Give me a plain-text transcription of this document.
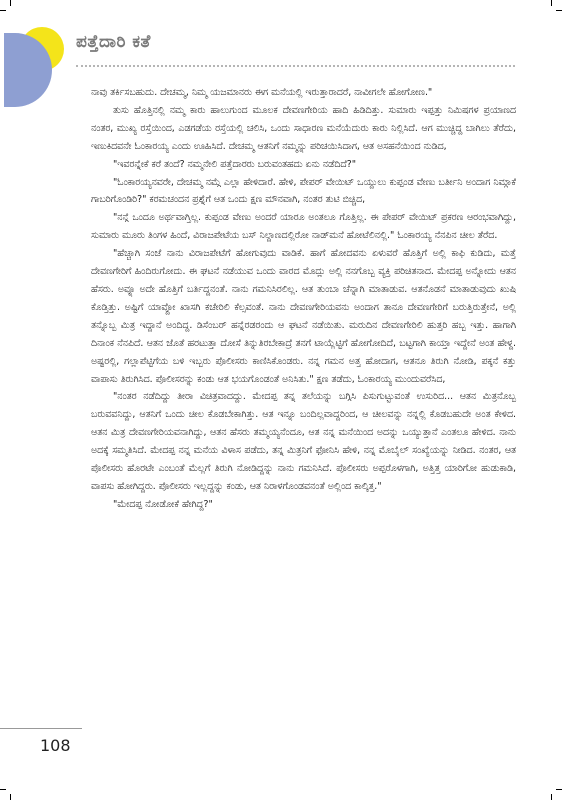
ಪತ್ತೆದಾರಿ ಕತೆ

ನಾವು ತರ್ಕಿಸಬಹುದು. ದೇಚಮ್ಮ, ನಿಮ್ಮ ಯಜಮಾನರು ಈಗ ಮನೆಯಲ್ಲಿ ಇರುತ್ತಾರಾದರೆ, ನಾವೀಗಲೇ ಹೋಗೋಣ."

ತುಸು ಹೊತ್ತಿನಲ್ಲಿ ನಮ್ಮ ಕಾರು ಹಾಲುಗುಂದ ಮೂಲಕ ದೇವಣಗೇರಿಯ ಹಾದಿ ಹಿಡಿದಿತ್ತು. ಸುಮಾರು ಇಪ್ಪತ್ತು ನಿಮಿಷಗಳ ಪ್ರಯಾಣದ ನಂತರ, ಮುಖ್ಯ ರಸ್ತೆಯಿಂದ, ಎಡಗಡೆಯ ರಸ್ತೆಯಲ್ಲಿ ಚಲಿಸಿ, ಒಂದು ಸಾಧಾರಣ ಮನೆಯೆದುರು ಕಾರು ನಿಲ್ಲಿಸಿದೆ. ಆಗ ಮುಚ್ಚಿದ್ದ ಬಾಗಿಲು ತೆರೆದು, ಇಣುಕಿದವನೇ ಓಂಕಾರಯ್ಯ ಎಂದು ಊಹಿಸಿದೆ. ದೇಚಮ್ಮ ಆತನಿಗೆ ನಮ್ಮನ್ನು ಪರಿಚಯಿಸಿದಾಗ, ಆತ ಅಸಹನೆಯಿಂದ ನುಡಿದ,

"ಇವರನ್ನೇಕೆ ಕರೆ ತಂದೆ? ನಮ್ಮನೇಲಿ ಪತ್ತೆದಾರರು ಬರುವಂತಹದು ಏನು ನಡೆದಿದೆ?"

"ಓಂಕಾರಯ್ಯನವರೇ, ದೇಚಮ್ಮ ನಮ್ಗೆ ಎಲ್ಲಾ ಹೇಳಿದಾರೆ. ಹೇಳಿ, ಪೇಪರ್ ವೇಯಿಟ್ ಒಯ್ದುಲು ಕುಪ್ಪಂಡ ವೇಣು ಬರ್ತೀನಿ ಅಂದಾಗ ನಿಮ್ಗಾಕೆ ಗಾಬರಿಗೊಂಡಿರಿ?" ಕರಮಚಂದನ ಪ್ರಶ್ನೆಗೆ ಆತ ಒಂದು ಕ್ಷಣ ಮೌನವಾಗಿ, ನಂತರ ತುಟಿ ಬಿಚ್ಚಿದ,

"ನನ್ಗೆ ಒಂದೂ ಅರ್ಥವಾಗ್ತಿಲ್ಲ. ಕುಪ್ಪಂಡ ವೇಣು ಅಂದರೆ ಯಾರೂ ಅಂತಲೂ ಗೊತ್ತಿಲ್ಲ. ಈ ಪೇಪರ್ ವೇಯಿಟ್ ಪ್ರಕರಣ ಆರಂಭವಾಗಿದ್ದು, ಸುಮಾರು ಮೂರು ತಿಂಗಳ ಹಿಂದೆ, ವಿರಾಜಪೇಟೆಯ ಬಸ್ ನಿಲ್ದಾಣದಲ್ಲಿರೋ ನಾಡ್‌ಮನೆ ಹೋಟೆಲಿನಲ್ಲಿ." ಓಂಕಾರಯ್ಯ ನೆನಪಿನ ಚೀಲ ತೆರೆದ.

"ಹೆಚ್ಚಾಗಿ ಸಂಜೆ ನಾನು ವಿರಾಜಪೇಟೆಗೆ ಹೋಗುವುದು ವಾಡಿಕೆ. ಹಾಗೆ ಹೋದವನು ಏಳುವರೆ ಹೊತ್ತಿಗೆ ಅಲ್ಲಿ ಕಾಫಿ ಕುಡಿದು, ಮತ್ತೆ ದೇವಣಗೇರಿಗೆ ಹಿಂದಿರುಗೋದು. ಈ ಘಟನೆ ನಡೆಯುವ ಒಂದು ವಾರದ ಮೊದ್ಲು ಅಲ್ಲಿ ನನಗೊಬ್ಬ ವ್ಯಕ್ತಿ ಪರಿಚಿತನಾದ. ಮೇದಪ್ಪ ಅನ್ನೋದು ಆತನ ಹೆಸರು. ಅವ್ನೂ ಅದೇ ಹೊತ್ತಿಗೆ ಬರ್ತಿದ್ದನಂತೆ. ನಾನು ಗಮನಿಸಿರಲಿಲ್ಲ. ಆತ ತುಂಬಾ ಚೆನ್ನಾಗಿ ಮಾತಾಡುವ. ಆತನೊಡನೆ ಮಾತಾಡುವುದು ಖುಷಿ ಕೊಡ್ತಿತ್ತು. ಅಷ್ಟಿಗೆ ಯಾವ್ದೋ ಖಾಸಗಿ ಕಚೇರಿಲಿ ಕೆಲ್ಸವಂತೆ. ನಾನು ದೇವಣಗೇರಿಯವನು ಅಂದಾಗ ತಾನೂ ದೇವಣಗೇರಿಗೆ ಬರುತ್ತಿರುತ್ತೇನೆ, ಅಲ್ಲಿ ತನ್ನೊಬ್ಬ ಮಿತ್ರ ಇದ್ದಾನೆ ಅಂದಿದ್ದ. ಡಿಸೆಂಬರ್ ಹನ್ನೆರಡರಂದು ಆ ಘಟನೆ ನಡೆಯಿತು. ಮರುದಿನ ದೇವಣಗೇರಿಲಿ ಹುತ್ತರಿ ಹಬ್ಬ ಇತ್ತು. ಹಾಗಾಗಿ ದಿನಾಂಕ ನೆನಪಿದೆ. ಆತನ ಜೊತೆ ಹರಟುತ್ತಾ ದೋಸೆ ತಿನ್ನುತಿರಬೇಕಾದ್ರೆ ತನಗೆ ಟಾಯ್ಲೆಟ್ಟಿಗೆ ಹೋಗೋದಿದೆ, ಬಟ್ಟಗಾಗಿ ಕಾಯ್ತಾ ಇದ್ದೇನೆ ಅಂತ ಹೇಳ್ದ. ಅಷ್ಟರಲ್ಲಿ, ಗಲ್ಲಾಪೆಟ್ಟಿಗೆಯ ಬಳಿ ಇಬ್ಬರು ಪೊಲೀಸರು ಕಾಣಿಸಿಕೊಂಡರು. ನನ್ನ ಗಮನ ಅತ್ತ ಹೋದಾಗ, ಆತನೂ ತಿರುಗಿ ನೋಡಿ, ಪಕ್ಕನೆ ಕತ್ತು ವಾಪಾಸು ತಿರುಗಿಸಿದ. ಪೊಲೀಸರನ್ನು ಕಂಡು ಆತ ಭಯಗೊಂಡಂತೆ ಅನಿಸಿತು." ಕ್ಷಣ ತಡೆದು, ಓಂಕಾರಯ್ಯ ಮುಂದುವರೆಸಿದ,

"ನಂತರ ನಡೆದಿದ್ದು ತೀರಾ ವಿಚಿತ್ರವಾದದ್ದು. ಮೇದಪ್ಪ ತನ್ನ ತಲೆಯನ್ನು ಬಗ್ಗಿಸಿ ಪಿಸುಗುಟ್ಟುವಂತೆ ಉಸುರಿದ... ಆತನ ಮಿತ್ರನೊಬ್ಬ ಬರುವವನಿದ್ದು, ಆತನಿಗೆ ಒಂದು ಚೀಲ ಕೊಡಬೇಕಾಗಿತ್ತು. ಆತ ಇನ್ನೂ ಬಂದಿಲ್ಲವಾದ್ದರಿಂದ, ಆ ಚೀಲವನ್ನು ನನ್ನಲ್ಲಿ ಕೊಡಬಹುದೇ ಅಂತ ಕೇಳಿದ. ಆತನ ಮಿತ್ರ ದೇವಣಗೇರಿಯವನಾಗಿದ್ದು, ಆತನ ಹೆಸರು ತಮ್ಮಯ್ಯನೆಂದೂ, ಆತ ನನ್ನ ಮನೆಯಿಂದ ಅದನ್ನು ಒಯ್ಯುತ್ತಾನೆ ಎಂತಲೂ ಹೇಳಿದ. ನಾನು ಅದಕ್ಕೆ ಸಮ್ಮತಿಸಿದೆ. ಮೇದಪ್ಪ ನನ್ನ ಮನೆಯ ವಿಳಾಸ ಪಡೆದು, ತನ್ನ ಮಿತ್ರನಿಗೆ ಫೋನಿಸಿ ಹೇಳಿ, ನನ್ನ ಮೊಬೈಲ್ ಸಂಖ್ಯೆಯನ್ನು ನೀಡಿದ. ನಂತರ, ಆತ ಪೊಲೀಸರು ಹೊರಟೇ ಎಂಬಂತೆ ಮೆಲ್ಲಗೆ ತಿರುಗಿ ನೋಡಿದ್ದನ್ನು ನಾನು ಗಮನಿಸಿದೆ. ಪೊಲೀಸರು ಅಪ್ಪರೊಳಗಾಗಿ, ಅತ್ತಿತ್ತ ಯಾರಿಗೋ ಹುಡುಕಾಡಿ, ವಾಪಸು ಹೋಗಿದ್ದರು. ಪೊಲೀಸರು ಇಲ್ಲದ್ದನ್ನು ಕಂಡು, ಆತ ನಿರಾಳಗೊಂಡವನಂತೆ ಅಲ್ಲಿಂದ ಕಾಲ್ಕಿತ್ತ."

"ಮೇದಪ್ಪ ನೋಡೋಕೆ ಹೇಗಿದ್ದ?"

108
